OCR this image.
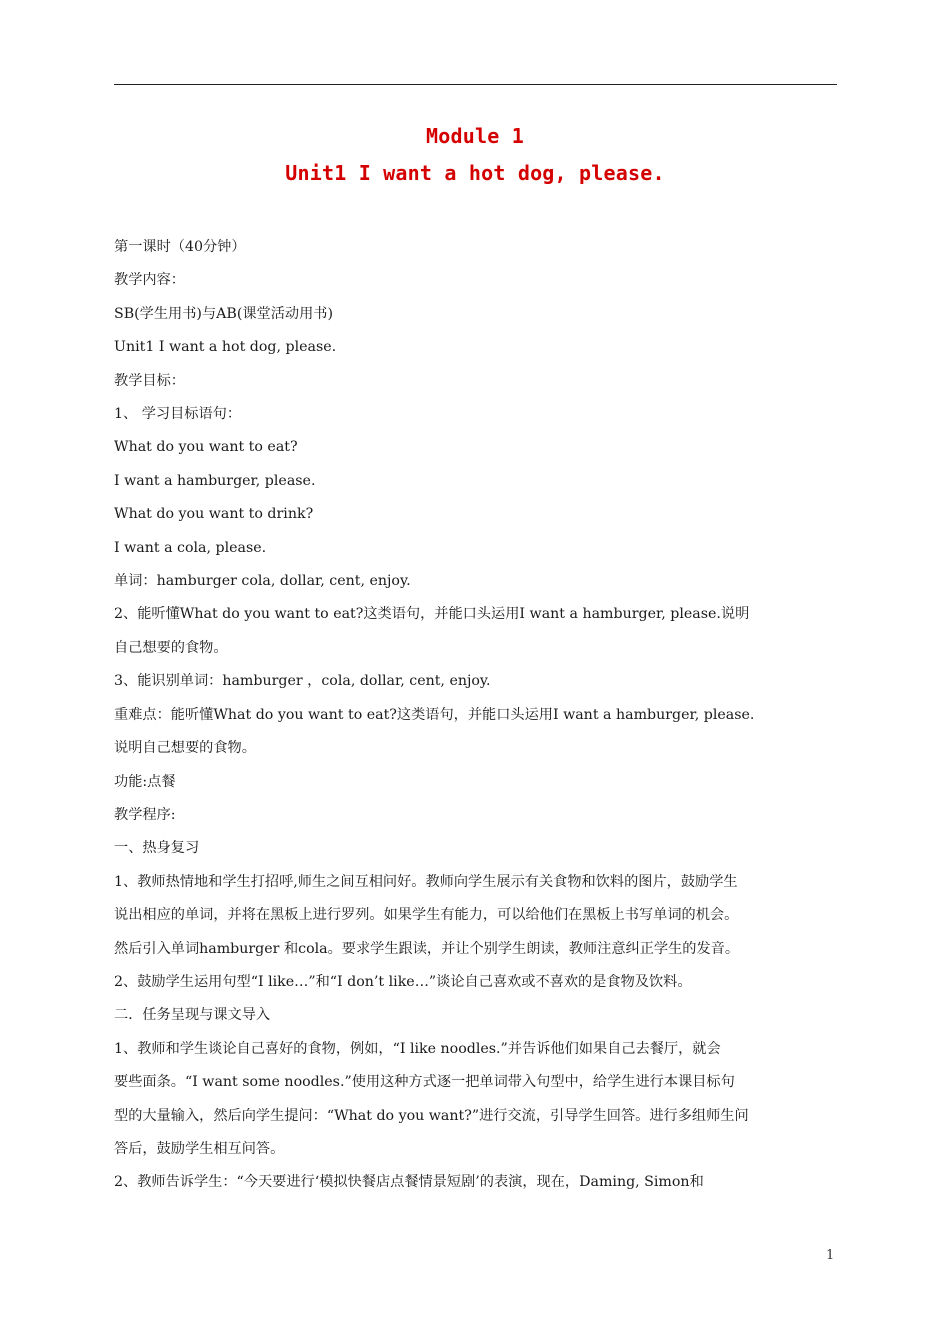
Module 1
Unit1 I want a hot dog, please.

第一课时（40分钟）

教学内容：

SB(学生用书)与AB(课堂活动用书)

Unit1 I want a hot dog, please.

教学目标：

1、 学习目标语句：

What do you want to eat?

I want a hamburger, please.

What do you want to drink?

I want a cola, please.

单词：hamburger cola, dollar, cent, enjoy.

2、能听懂What do you want to eat?这类语句，并能口头运用I want a hamburger, please.说明

自己想要的食物。

3、能识别单词：hamburger ，cola, dollar, cent, enjoy.

重难点：能听懂What do you want to eat?这类语句，并能口头运用I want a hamburger, please.

说明自己想要的食物。

功能:点餐

教学程序:

一、热身复习

1、教师热情地和学生打招呼,师生之间互相问好。教师向学生展示有关食物和饮料的图片，鼓励学生

说出相应的单词，并将在黑板上进行罗列。如果学生有能力，可以给他们在黑板上书写单词的机会。

然后引入单词hamburger 和cola。要求学生跟读，并让个别学生朗读，教师注意纠正学生的发音。

2、鼓励学生运用句型“I like…”和“I don’t like…”谈论自己喜欢或不喜欢的是食物及饮料。

二．任务呈现与课文导入

1、教师和学生谈论自己喜好的食物，例如，“I like noodles.”并告诉他们如果自己去餐厅，就会

要些面条。“I want some noodles.”使用这种方式逐一把单词带入句型中，给学生进行本课目标句

型的大量输入，然后向学生提问：“What do you want?”进行交流，引导学生回答。进行多组师生问

答后，鼓励学生相互问答。

2、教师告诉学生：“今天要进行‘模拟快餐店点餐情景短剧’的表演，现在，Daming, Simon和

1
